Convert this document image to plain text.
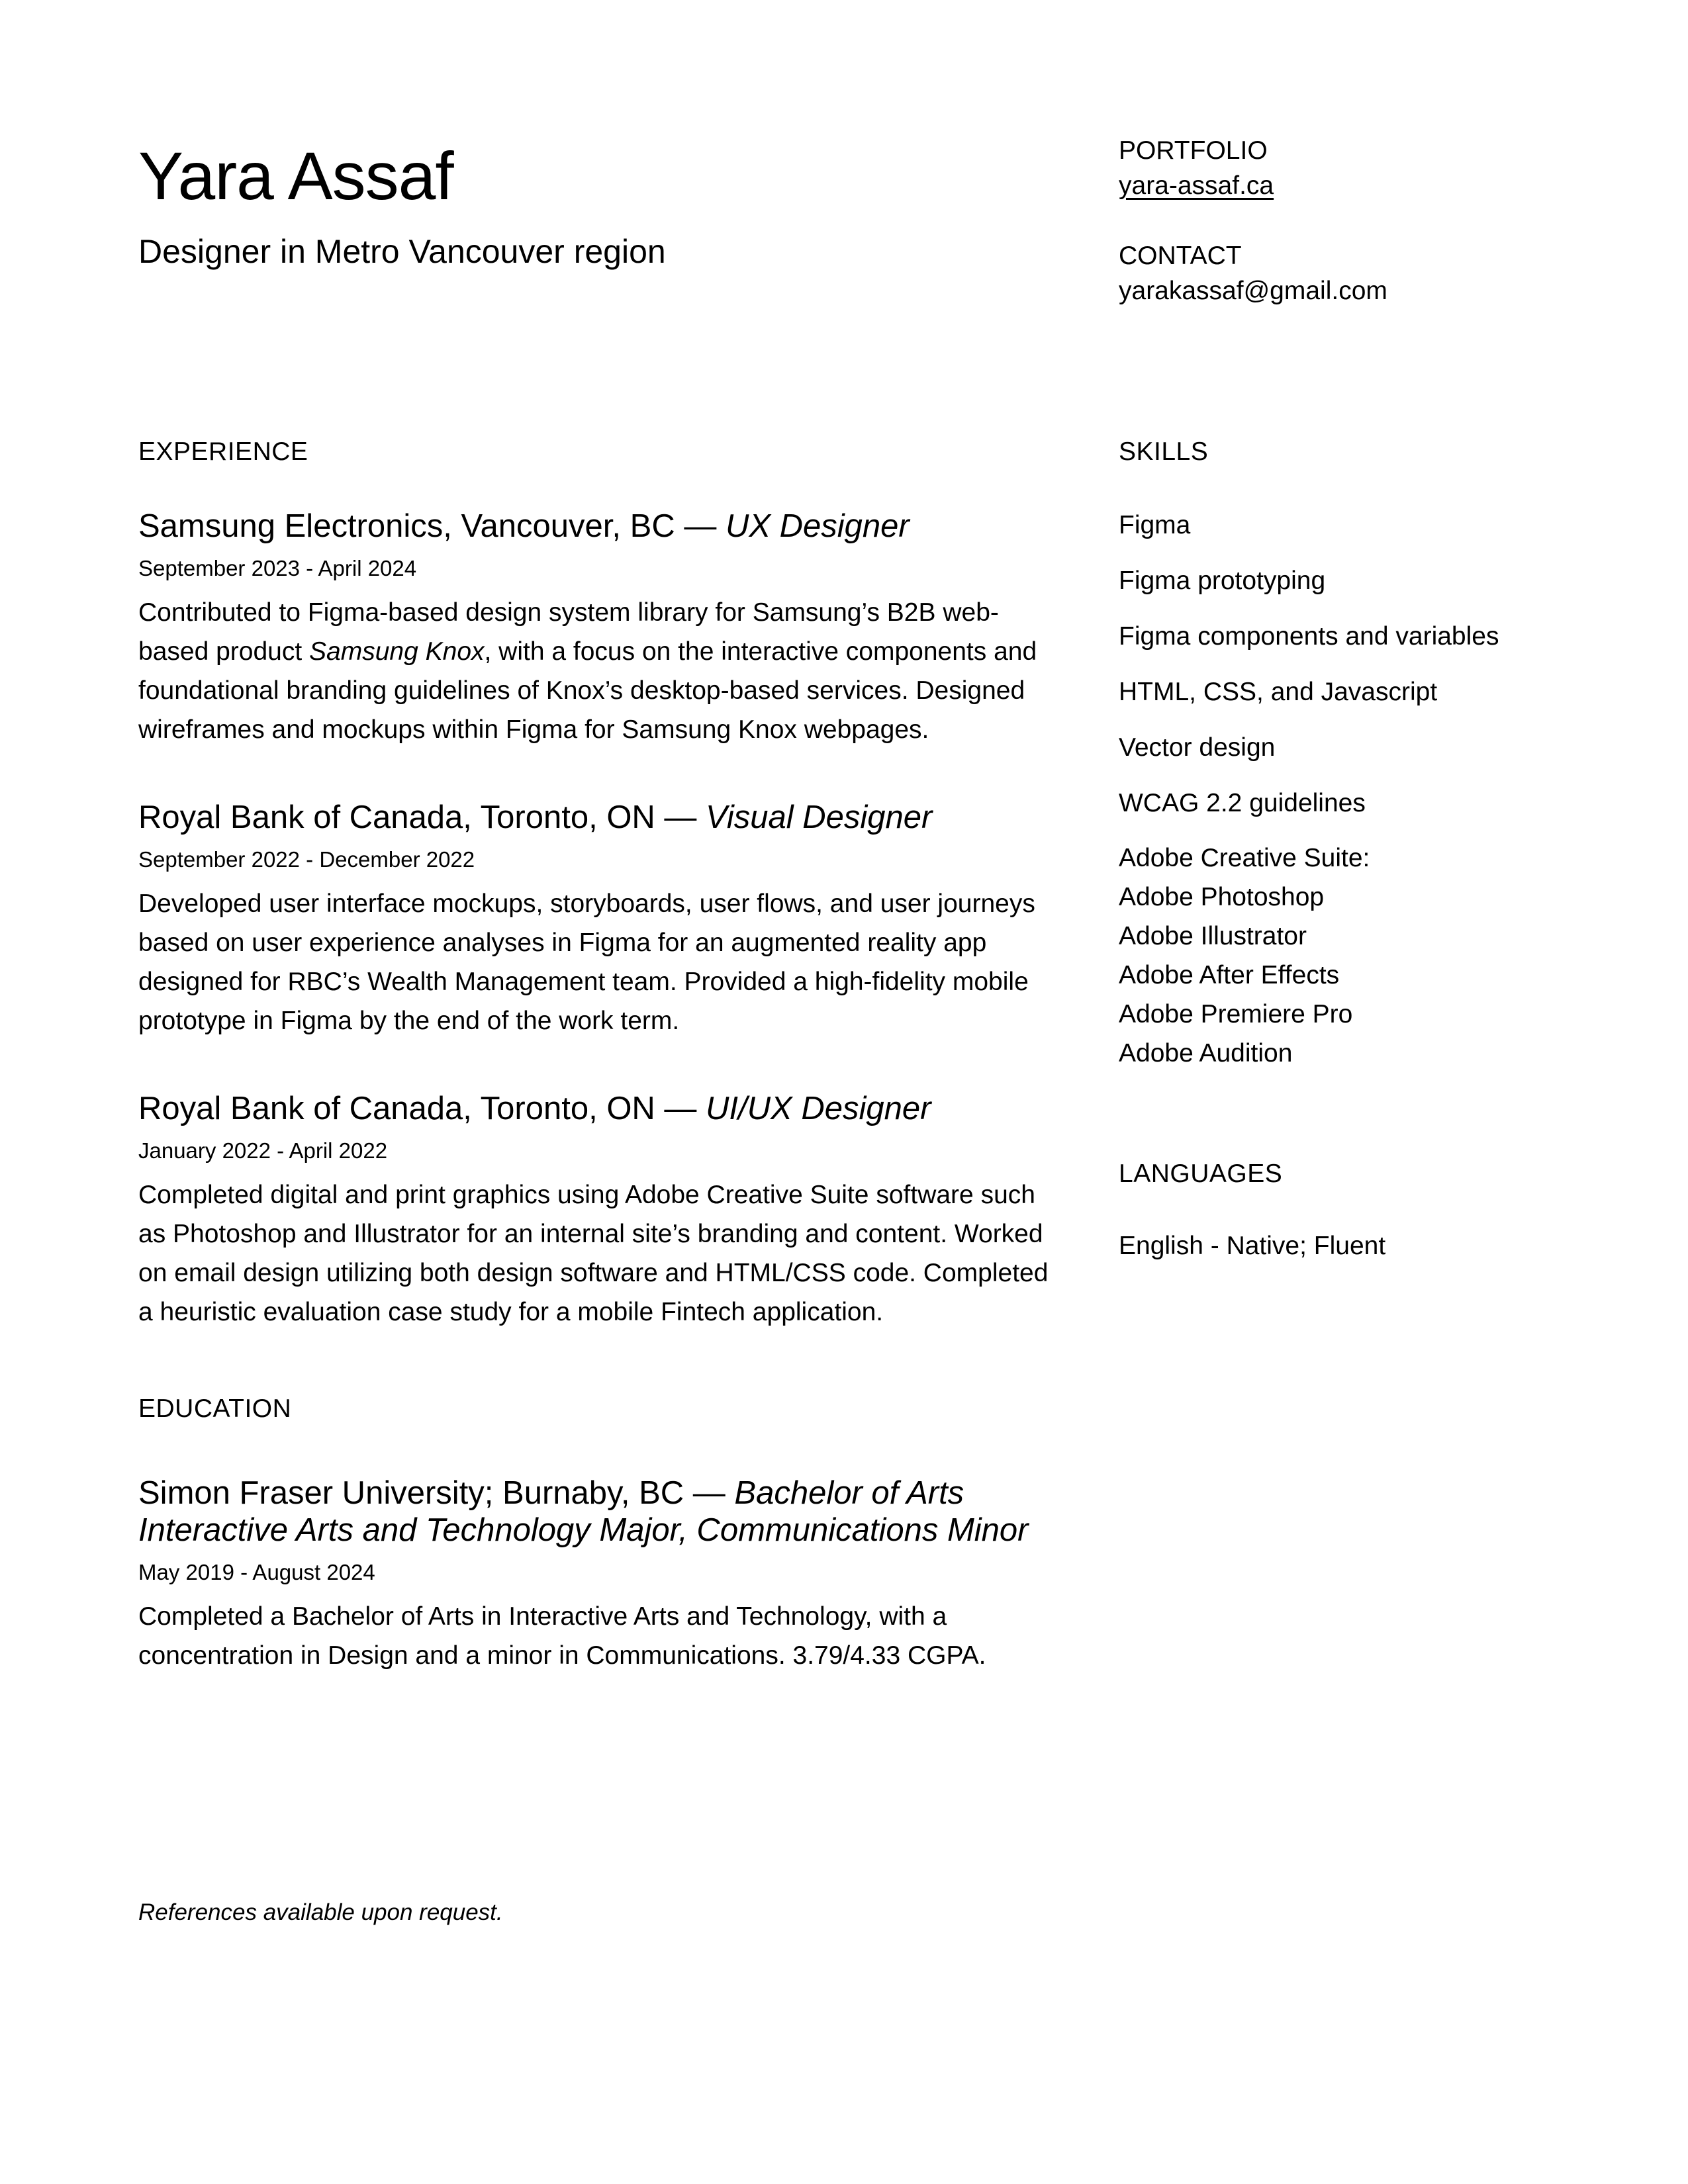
Yara Assaf
Designer in Metro Vancouver region
PORTFOLIO
yara-assaf.ca
CONTACT
yarakassaf@gmail.com
EXPERIENCE	SKILLS
Samsung Electronics, Vancouver, BC — UX Designer
September 2023 - April 2024
Contributed to Figma-based design system library for Samsung’s B2B web-based product Samsung Knox, with a focus on the interactive components and foundational branding guidelines of Knox’s desktop-based services. Designed wireframes and mockups within Figma for Samsung Knox webpages.
Royal Bank of Canada, Toronto, ON — Visual Designer
September 2022 - December 2022
Developed user interface mockups, storyboards, user flows, and user journeys based on user experience analyses in Figma for an augmented reality app designed for RBC’s Wealth Management team. Provided a high-fidelity mobile prototype in Figma by the end of the work term.
Royal Bank of Canada, Toronto, ON — UI/UX Designer
January 2022 - April 2022
Completed digital and print graphics using Adobe Creative Suite software such as Photoshop and Illustrator for an internal site’s branding and content. Worked on email design utilizing both design software and HTML/CSS code. Completed a heuristic evaluation case study for a mobile Fintech application.
EDUCATION
Simon Fraser University; Burnaby, BC — Bachelor of Arts
Interactive Arts and Technology Major, Communications Minor
May 2019 - August 2024
Completed a Bachelor of Arts in Interactive Arts and Technology, with a concentration in Design and a minor in Communications. 3.79/4.33 CGPA.
Figma
Figma prototyping
Figma components and variables
HTML, CSS, and Javascript
Vector design
WCAG 2.2 guidelines
Adobe Creative Suite:
Adobe Photoshop
Adobe Illustrator
Adobe After Effects
Adobe Premiere Pro
Adobe Audition
LANGUAGES
English - Native; Fluent
References available upon request.
